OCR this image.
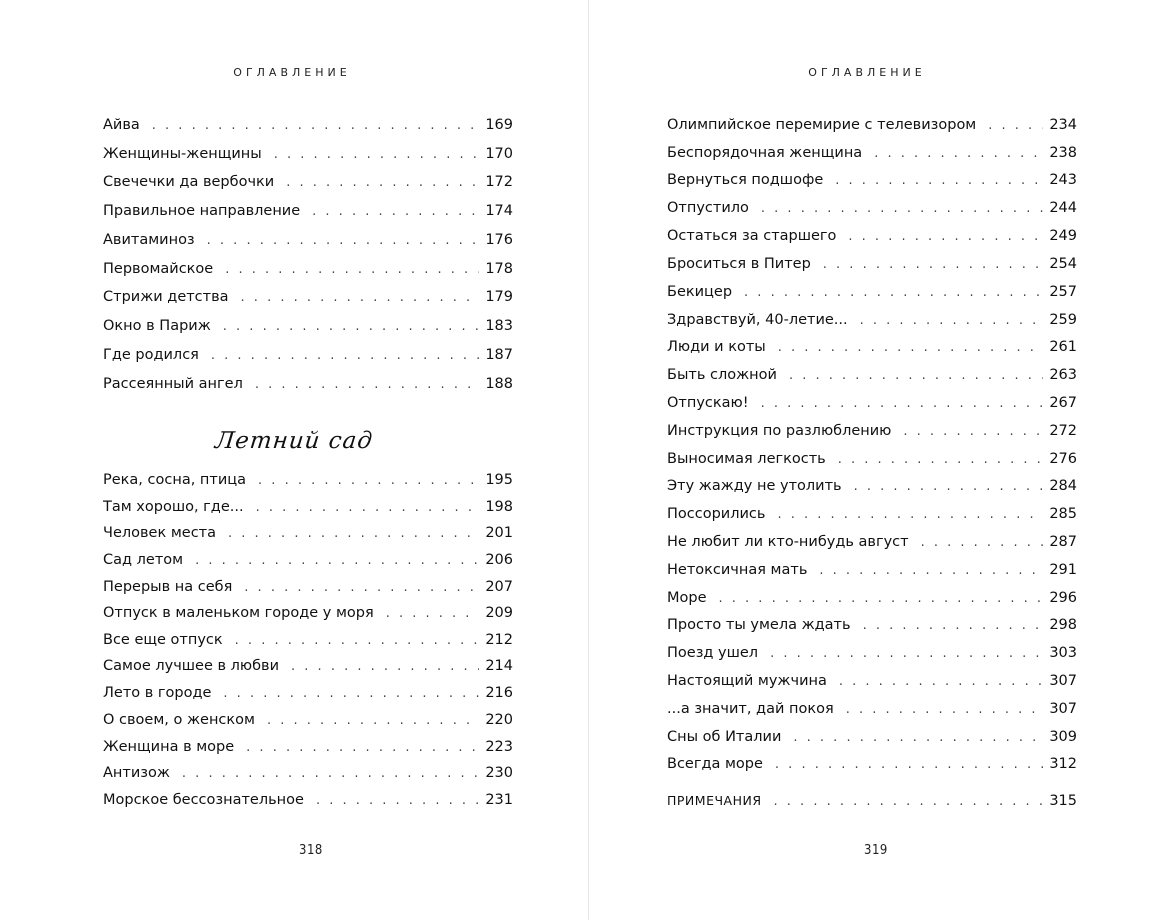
ОГЛАВЛЕНИЕ
Айва . . .	169
Женщины-женщины . . .	170
Свечечки да вербочки . . .	172
Правильное направление . . .	174
Авитаминоз . . .	176
Первомайское . . .	178
Стрижи детства . . .	179
Окно в Париж . . .	183
Где родился . . .	187
Рассеянный ангел . . .	188
Летний сад
Река, сосна, птица . . .	195
Там хорошо, где... . . .	198
Человек места . . .	201
Сад летом . . .	206
Перерыв на себя . . .	207
Отпуск в маленьком городе у моря . . .	209
Все еще отпуск . . .	212
Самое лучшее в любви . . .	214
Лето в городе . . .	216
О своем, о женском . . .	220
Женщина в море . . .	223
Антизож . . .	230
Морское бессознательное . . .	231
318
ОГЛАВЛЕНИЕ
Олимпийское перемирие с телевизором . . .	234
Беспорядочная женщина . . .	238
Вернуться подшофе . . .	243
Отпустило . . .	244
Остаться за старшего . . .	249
Броситься в Питер . . .	254
Бекицер . . .	257
Здравствуй, 40-летие... . . .	259
Люди и коты . . .	261
Быть сложной . . .	263
Отпускаю! . . .	267
Инструкция по разлюблению . . .	272
Выносимая легкость . . .	276
Эту жажду не утолить . . .	284
Поссорились . . .	285
Не любит ли кто-нибудь август . . .	287
Нетоксичная мать . . .	291
Море . . .	296
Просто ты умела ждать . . .	298
Поезд ушел . . .	303
Настоящий мужчина . . .	307
...а значит, дай покоя . . .	307
Сны об Италии . . .	309
Всегда море . . .	312
ПРИМЕЧАНИЯ . . .	315
319
